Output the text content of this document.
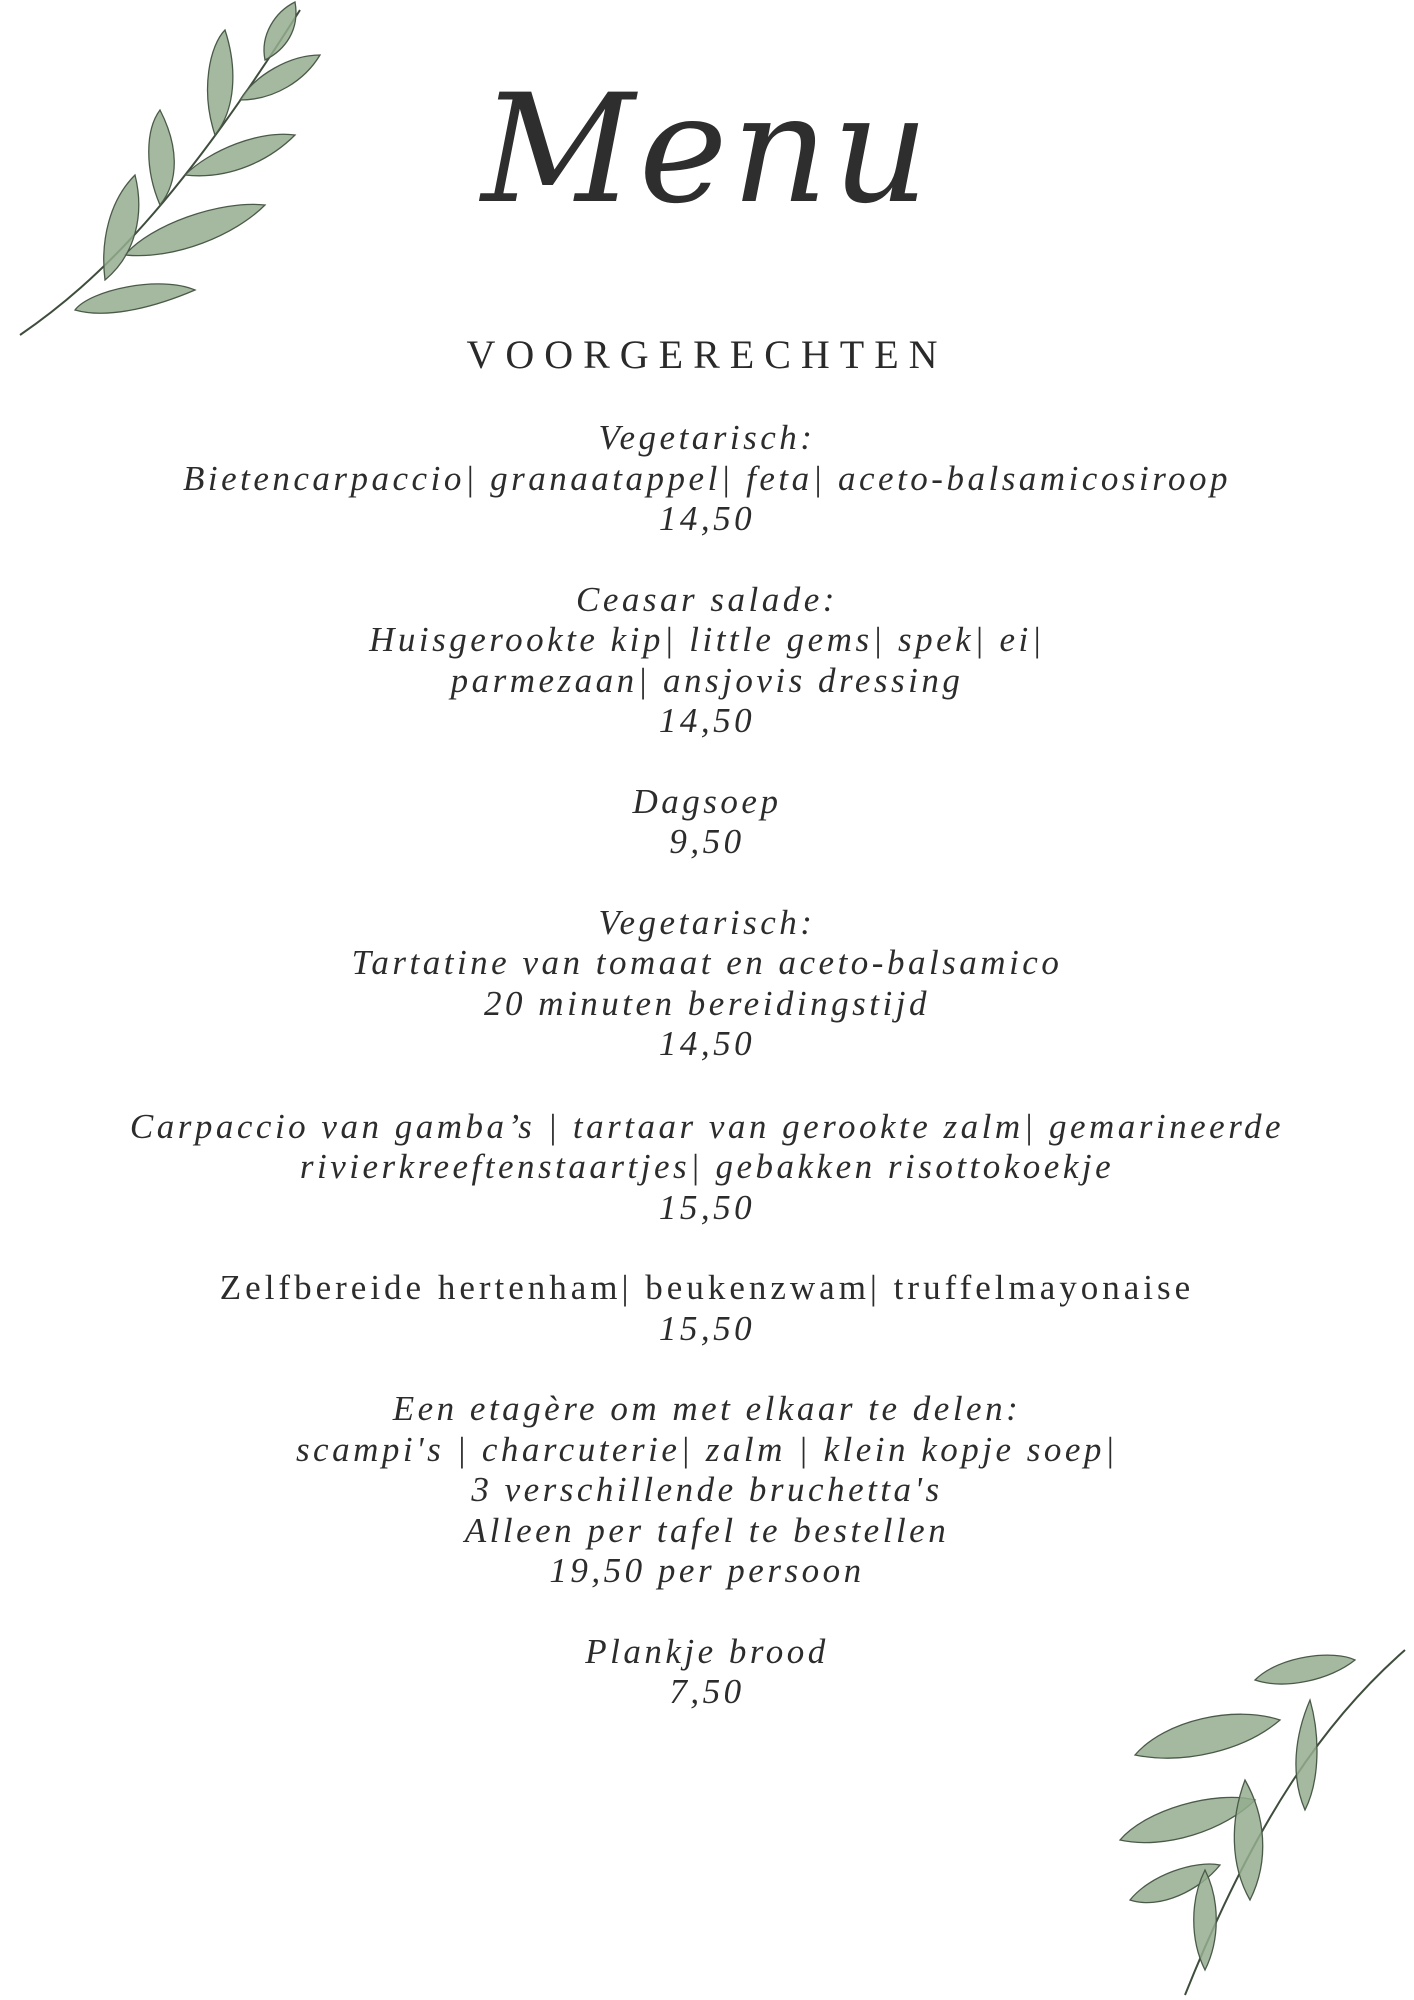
Menu
VOORGERECHTEN
Vegetarisch:
Bietencarpaccio| granaatappel| feta| aceto-balsamicosiroop
14,50
Ceasar salade:
Huisgerookte kip| little gems| spek| ei|
parmezaan| ansjovis dressing
14,50
Dagsoep
9,50
Vegetarisch:
Tartatine van tomaat en aceto-balsamico
20 minuten bereidingstijd
14,50
Carpaccio van gamba’s | tartaar van gerookte zalm| gemarineerde
rivierkreeftenstaartjes| gebakken risottokoekje
15,50
Zelfbereide hertenham| beukenzwam| truffelmayonaise
15,50
Een etagère om met elkaar te delen:
scampi's | charcuterie| zalm | klein kopje soep|
3 verschillende bruchetta's
Alleen per tafel te bestellen
19,50 per persoon
Plankje brood
7,50
